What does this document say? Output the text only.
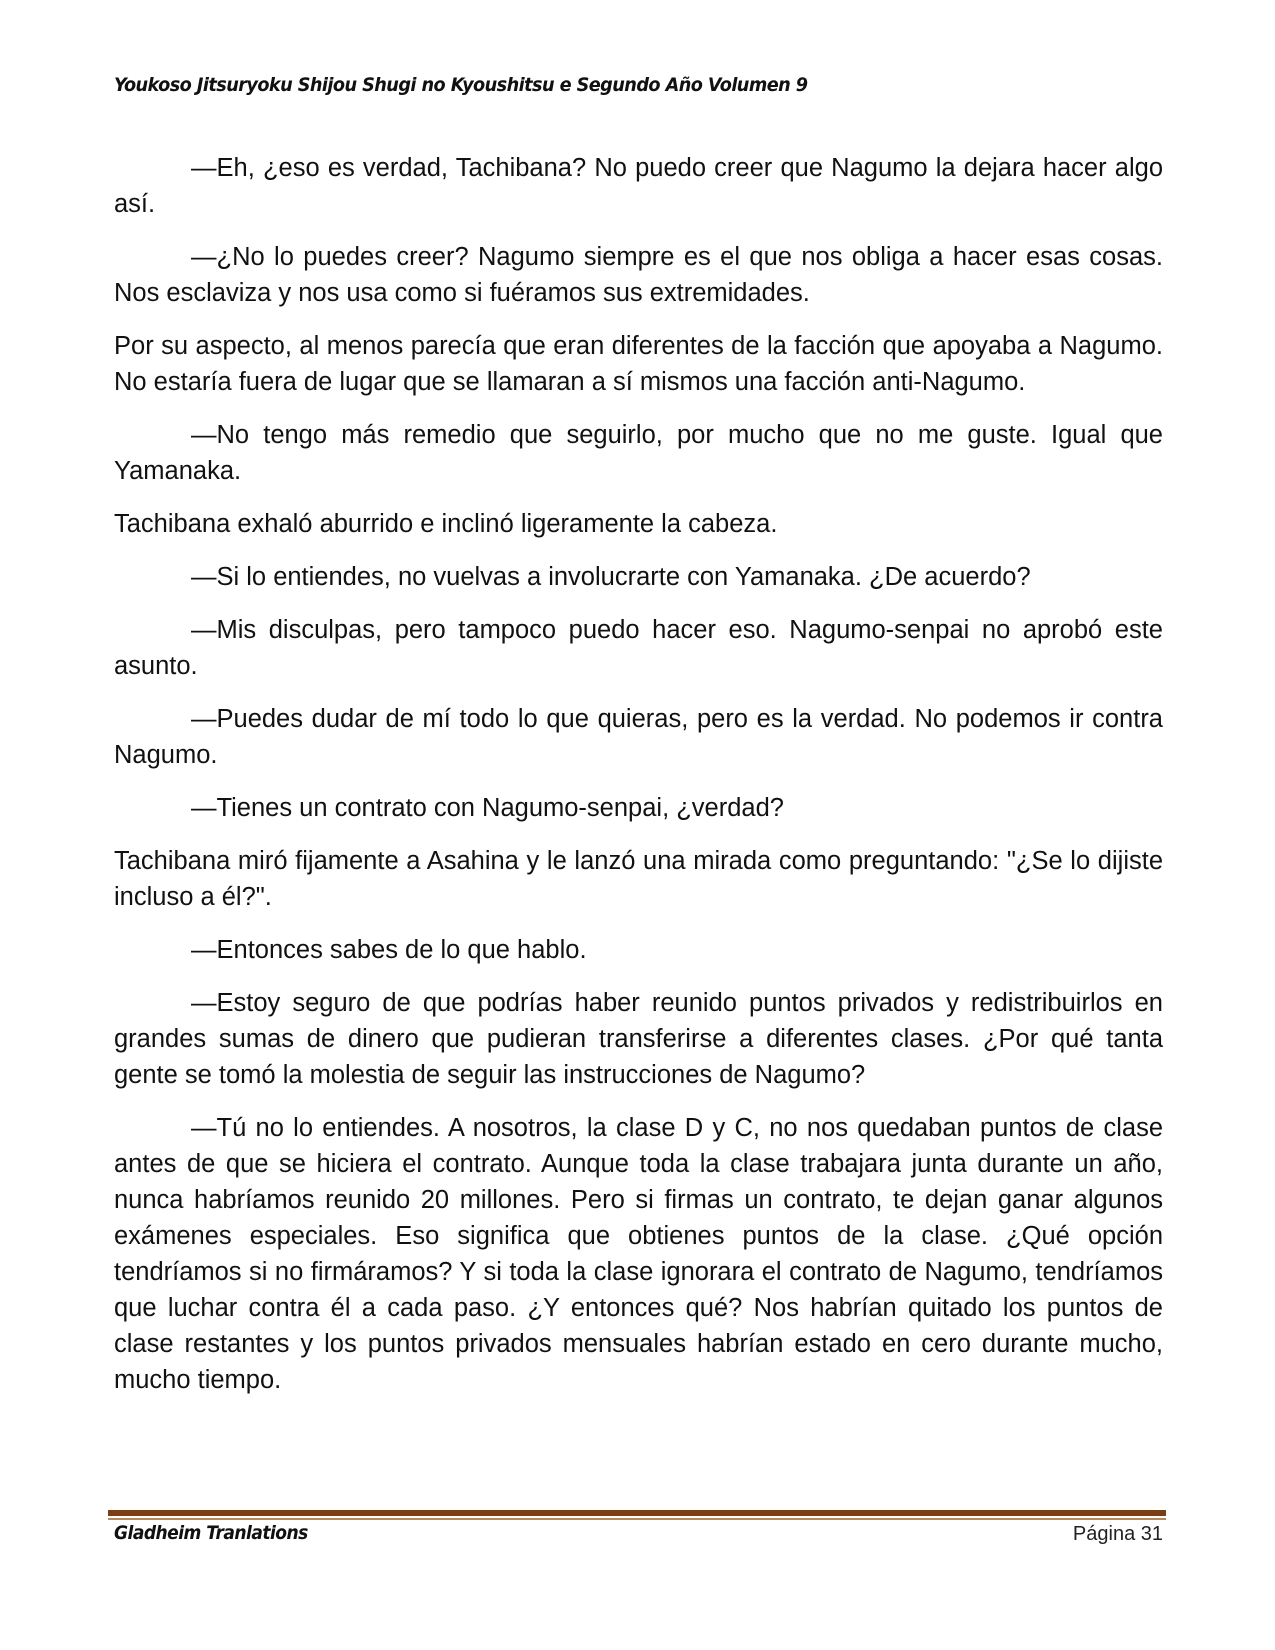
Youkoso Jitsuryoku Shijou Shugi no Kyoushitsu e Segundo Año Volumen 9

—Eh, ¿eso es verdad, Tachibana? No puedo creer que Nagumo la dejara hacer algo así.

—¿No lo puedes creer? Nagumo siempre es el que nos obliga a hacer esas cosas. Nos esclaviza y nos usa como si fuéramos sus extremidades.

Por su aspecto, al menos parecía que eran diferentes de la facción que apoyaba a Nagumo. No estaría fuera de lugar que se llamaran a sí mismos una facción anti-Nagumo.

—No tengo más remedio que seguirlo, por mucho que no me guste. Igual que Yamanaka.

Tachibana exhaló aburrido e inclinó ligeramente la cabeza.

—Si lo entiendes, no vuelvas a involucrarte con Yamanaka. ¿De acuerdo?

—Mis disculpas, pero tampoco puedo hacer eso. Nagumo-senpai no aprobó este asunto.

—Puedes dudar de mí todo lo que quieras, pero es la verdad. No podemos ir contra Nagumo.

—Tienes un contrato con Nagumo-senpai, ¿verdad?

Tachibana miró fijamente a Asahina y le lanzó una mirada como preguntando: "¿Se lo dijiste incluso a él?".

—Entonces sabes de lo que hablo.

—Estoy seguro de que podrías haber reunido puntos privados y redistribuirlos en grandes sumas de dinero que pudieran transferirse a diferentes clases. ¿Por qué tanta gente se tomó la molestia de seguir las instrucciones de Nagumo?

—Tú no lo entiendes. A nosotros, la clase D y C, no nos quedaban puntos de clase antes de que se hiciera el contrato. Aunque toda la clase trabajara junta durante un año, nunca habríamos reunido 20 millones. Pero si firmas un contrato, te dejan ganar algunos exámenes especiales. Eso significa que obtienes puntos de la clase. ¿Qué opción tendríamos si no firmáramos? Y si toda la clase ignorara el contrato de Nagumo, tendríamos que luchar contra él a cada paso. ¿Y entonces qué? Nos habrían quitado los puntos de clase restantes y los puntos privados mensuales habrían estado en cero durante mucho, mucho tiempo.

Gladheim Tranlations	Página 31
